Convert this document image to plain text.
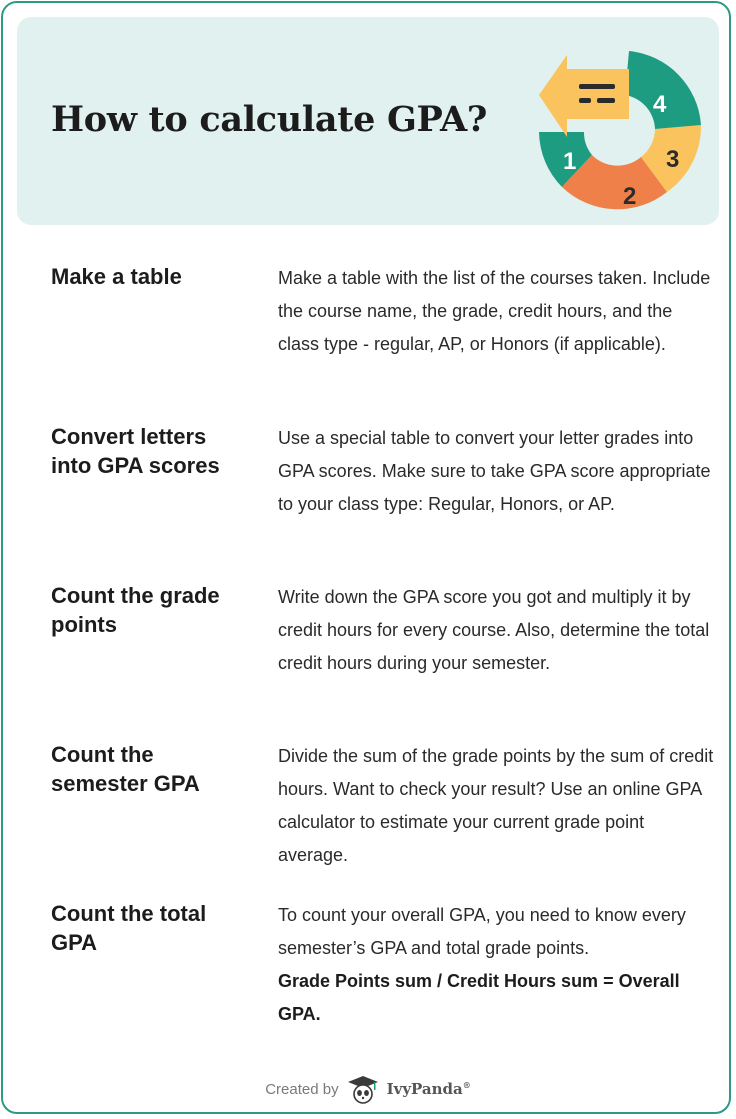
How to calculate GPA?
1
2
3
4
Make a table	Make a table with the list of the courses taken. Include the course name, the grade, credit hours, and the class type - regular, AP, or Honors (if applicable).
Convert letters into GPA scores
Use a special table to convert your letter grades into GPA scores. Make sure to take GPA score appropriate to your class type: Regular, Honors, or AP.
Count the grade points
Write down the GPA score you got and multiply it by credit hours for every course. Also, determine the total credit hours during your semester.
Count the semester GPA
Divide the sum of the grade points by the sum of credit hours. Want to check your result? Use an online GPA calculator to estimate your current grade point average.
Count the total GPA
To count your overall GPA, you need to know every semester’s GPA and total grade points.
Grade Points sum / Credit Hours sum = Overall GPA.
Created by	IvyPanda®
